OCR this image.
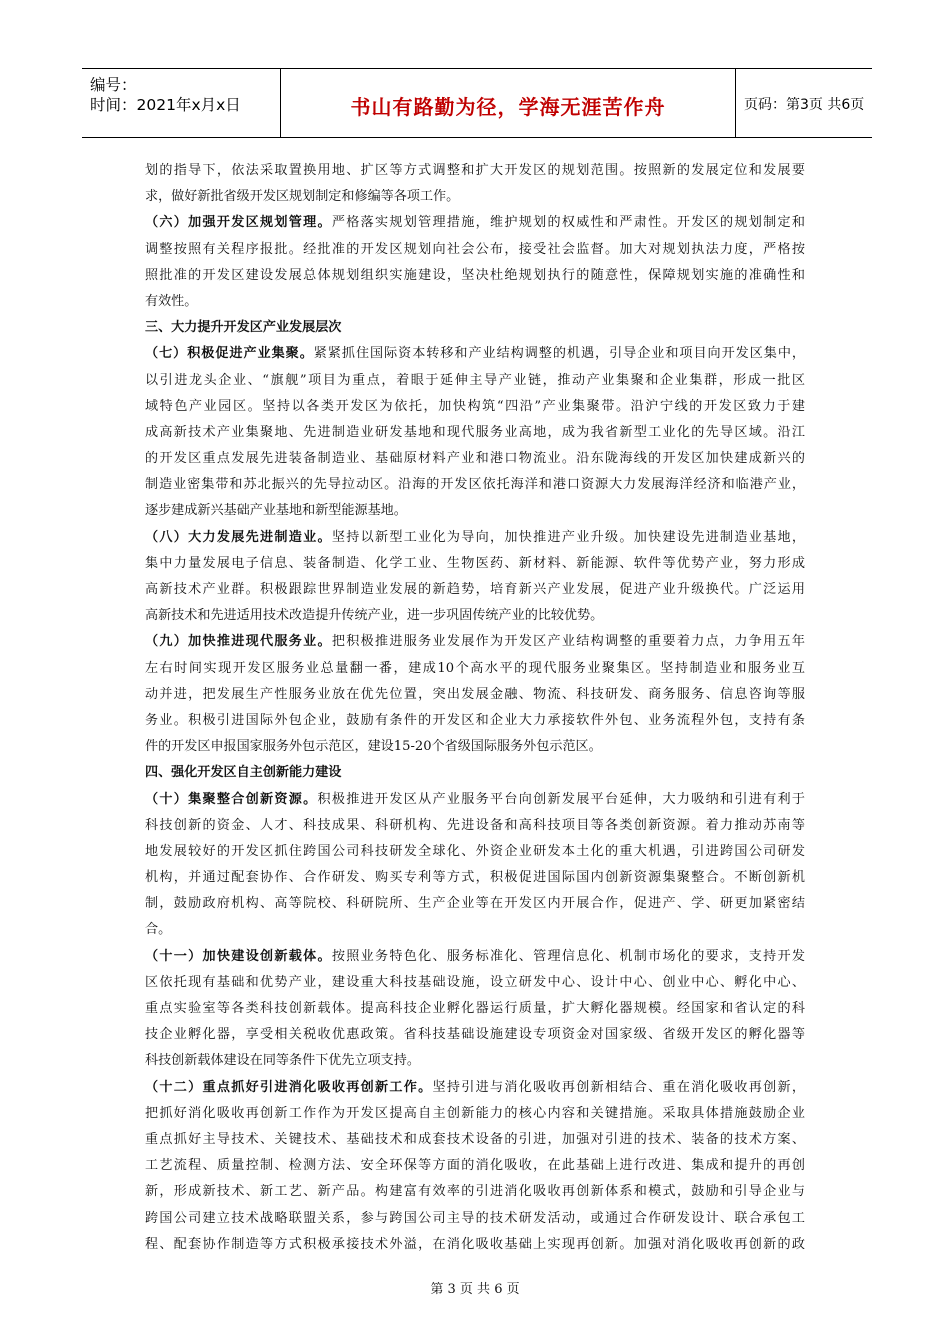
编号：
时间：2021年x月x日	书山有路勤为径，学海无涯苦作舟	页码：第3页 共6页
划的指导下，依法采取置换用地、扩区等方式调整和扩大开发区的规划范围。按照新的发展定位和发展要
求，做好新批省级开发区规划制定和修编等各项工作。
（六）加强开发区规划管理。严格落实规划管理措施，维护规划的权威性和严肃性。开发区的规划制定和
调整按照有关程序报批。经批准的开发区规划向社会公布，接受社会监督。加大对规划执法力度，严格按
照批准的开发区建设发展总体规划组织实施建设，坚决杜绝规划执行的随意性，保障规划实施的准确性和
有效性。
三、大力提升开发区产业发展层次
（七）积极促进产业集聚。紧紧抓住国际资本转移和产业结构调整的机遇，引导企业和项目向开发区集中，
以引进龙头企业、“旗舰”项目为重点，着眼于延伸主导产业链，推动产业集聚和企业集群，形成一批区
域特色产业园区。坚持以各类开发区为依托，加快构筑“四沿”产业集聚带。沿沪宁线的开发区致力于建
成高新技术产业集聚地、先进制造业研发基地和现代服务业高地，成为我省新型工业化的先导区域。沿江
的开发区重点发展先进装备制造业、基础原材料产业和港口物流业。沿东陇海线的开发区加快建成新兴的
制造业密集带和苏北振兴的先导拉动区。沿海的开发区依托海洋和港口资源大力发展海洋经济和临港产业，
逐步建成新兴基础产业基地和新型能源基地。
（八）大力发展先进制造业。坚持以新型工业化为导向，加快推进产业升级。加快建设先进制造业基地，
集中力量发展电子信息、装备制造、化学工业、生物医药、新材料、新能源、软件等优势产业，努力形成
高新技术产业群。积极跟踪世界制造业发展的新趋势，培育新兴产业发展，促进产业升级换代。广泛运用
高新技术和先进适用技术改造提升传统产业，进一步巩固传统产业的比较优势。
（九）加快推进现代服务业。把积极推进服务业发展作为开发区产业结构调整的重要着力点，力争用五年
左右时间实现开发区服务业总量翻一番，建成10个高水平的现代服务业聚集区。坚持制造业和服务业互
动并进，把发展生产性服务业放在优先位置，突出发展金融、物流、科技研发、商务服务、信息咨询等服
务业。积极引进国际外包企业，鼓励有条件的开发区和企业大力承接软件外包、业务流程外包，支持有条
件的开发区申报国家服务外包示范区，建设15-20个省级国际服务外包示范区。
四、强化开发区自主创新能力建设
（十）集聚整合创新资源。积极推进开发区从产业服务平台向创新发展平台延伸，大力吸纳和引进有利于
科技创新的资金、人才、科技成果、科研机构、先进设备和高科技项目等各类创新资源。着力推动苏南等
地发展较好的开发区抓住跨国公司科技研发全球化、外资企业研发本土化的重大机遇，引进跨国公司研发
机构，并通过配套协作、合作研发、购买专利等方式，积极促进国际国内创新资源集聚整合。不断创新机
制，鼓励政府机构、高等院校、科研院所、生产企业等在开发区内开展合作，促进产、学、研更加紧密结
合。
（十一）加快建设创新载体。按照业务特色化、服务标准化、管理信息化、机制市场化的要求，支持开发
区依托现有基础和优势产业，建设重大科技基础设施，设立研发中心、设计中心、创业中心、孵化中心、
重点实验室等各类科技创新载体。提高科技企业孵化器运行质量，扩大孵化器规模。经国家和省认定的科
技企业孵化器，享受相关税收优惠政策。省科技基础设施建设专项资金对国家级、省级开发区的孵化器等
科技创新载体建设在同等条件下优先立项支持。
（十二）重点抓好引进消化吸收再创新工作。坚持引进与消化吸收再创新相结合、重在消化吸收再创新，
把抓好消化吸收再创新工作作为开发区提高自主创新能力的核心内容和关键措施。采取具体措施鼓励企业
重点抓好主导技术、关键技术、基础技术和成套技术设备的引进，加强对引进的技术、装备的技术方案、
工艺流程、质量控制、检测方法、安全环保等方面的消化吸收，在此基础上进行改进、集成和提升的再创
新，形成新技术、新工艺、新产品。构建富有效率的引进消化吸收再创新体系和模式，鼓励和引导企业与
跨国公司建立技术战略联盟关系，参与跨国公司主导的技术研发活动，或通过合作研发设计、联合承包工
程、配套协作制造等方式积极承接技术外溢，在消化吸收基础上实现再创新。加强对消化吸收再创新的政
第 3 页 共 6 页
